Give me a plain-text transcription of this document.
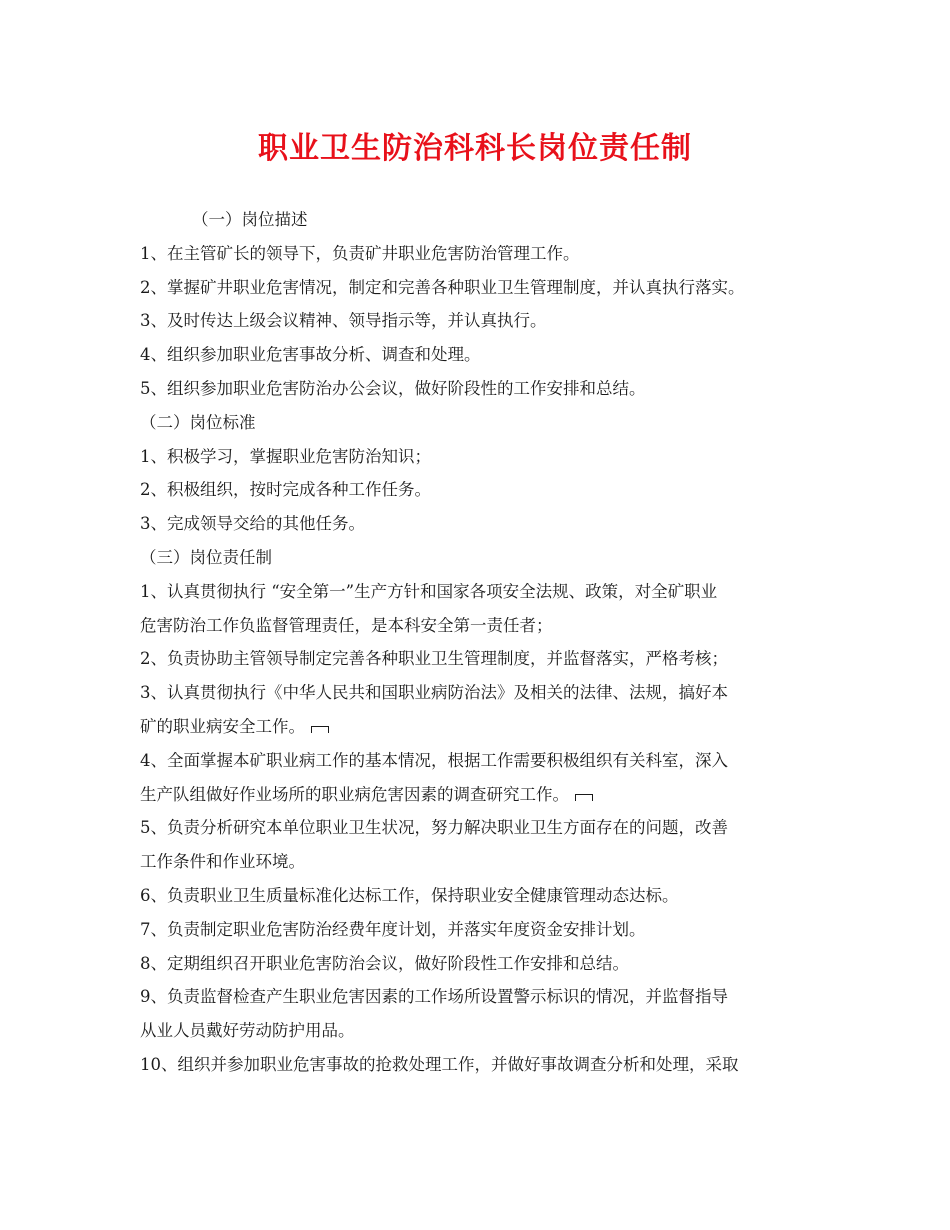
职业卫生防治科科长岗位责任制

（一）岗位描述

1、在主管矿长的领导下，负责矿井职业危害防治管理工作。

2、掌握矿井职业危害情况，制定和完善各种职业卫生管理制度，并认真执行落实。

3、及时传达上级会议精神、领导指示等，并认真执行。

4、组织参加职业危害事故分析、调查和处理。

5、组织参加职业危害防治办公会议，做好阶段性的工作安排和总结。

（二）岗位标准

1、积极学习，掌握职业危害防治知识；

2、积极组织，按时完成各种工作任务。

3、完成领导交给的其他任务。

（三）岗位责任制

1、认真贯彻执行 “安全第一”生产方针和国家各项安全法规、政策，对全矿职业

危害防治工作负监督管理责任，是本科安全第一责任者；

2、负责协助主管领导制定完善各种职业卫生管理制度，并监督落实，严格考核；

3、认真贯彻执行《中华人民共和国职业病防治法》及相关的法律、法规，搞好本

矿的职业病安全工作。

4、全面掌握本矿职业病工作的基本情况，根据工作需要积极组织有关科室，深入

生产队组做好作业场所的职业病危害因素的调查研究工作。

5、负责分析研究本单位职业卫生状况，努力解决职业卫生方面存在的问题，改善

工作条件和作业环境。

6、负责职业卫生质量标准化达标工作，保持职业安全健康管理动态达标。

7、负责制定职业危害防治经费年度计划，并落实年度资金安排计划。

8、定期组织召开职业危害防治会议，做好阶段性工作安排和总结。

9、负责监督检查产生职业危害因素的工作场所设置警示标识的情况，并监督指导

从业人员戴好劳动防护用品。

10、组织并参加职业危害事故的抢救处理工作，并做好事故调查分析和处理，采取
